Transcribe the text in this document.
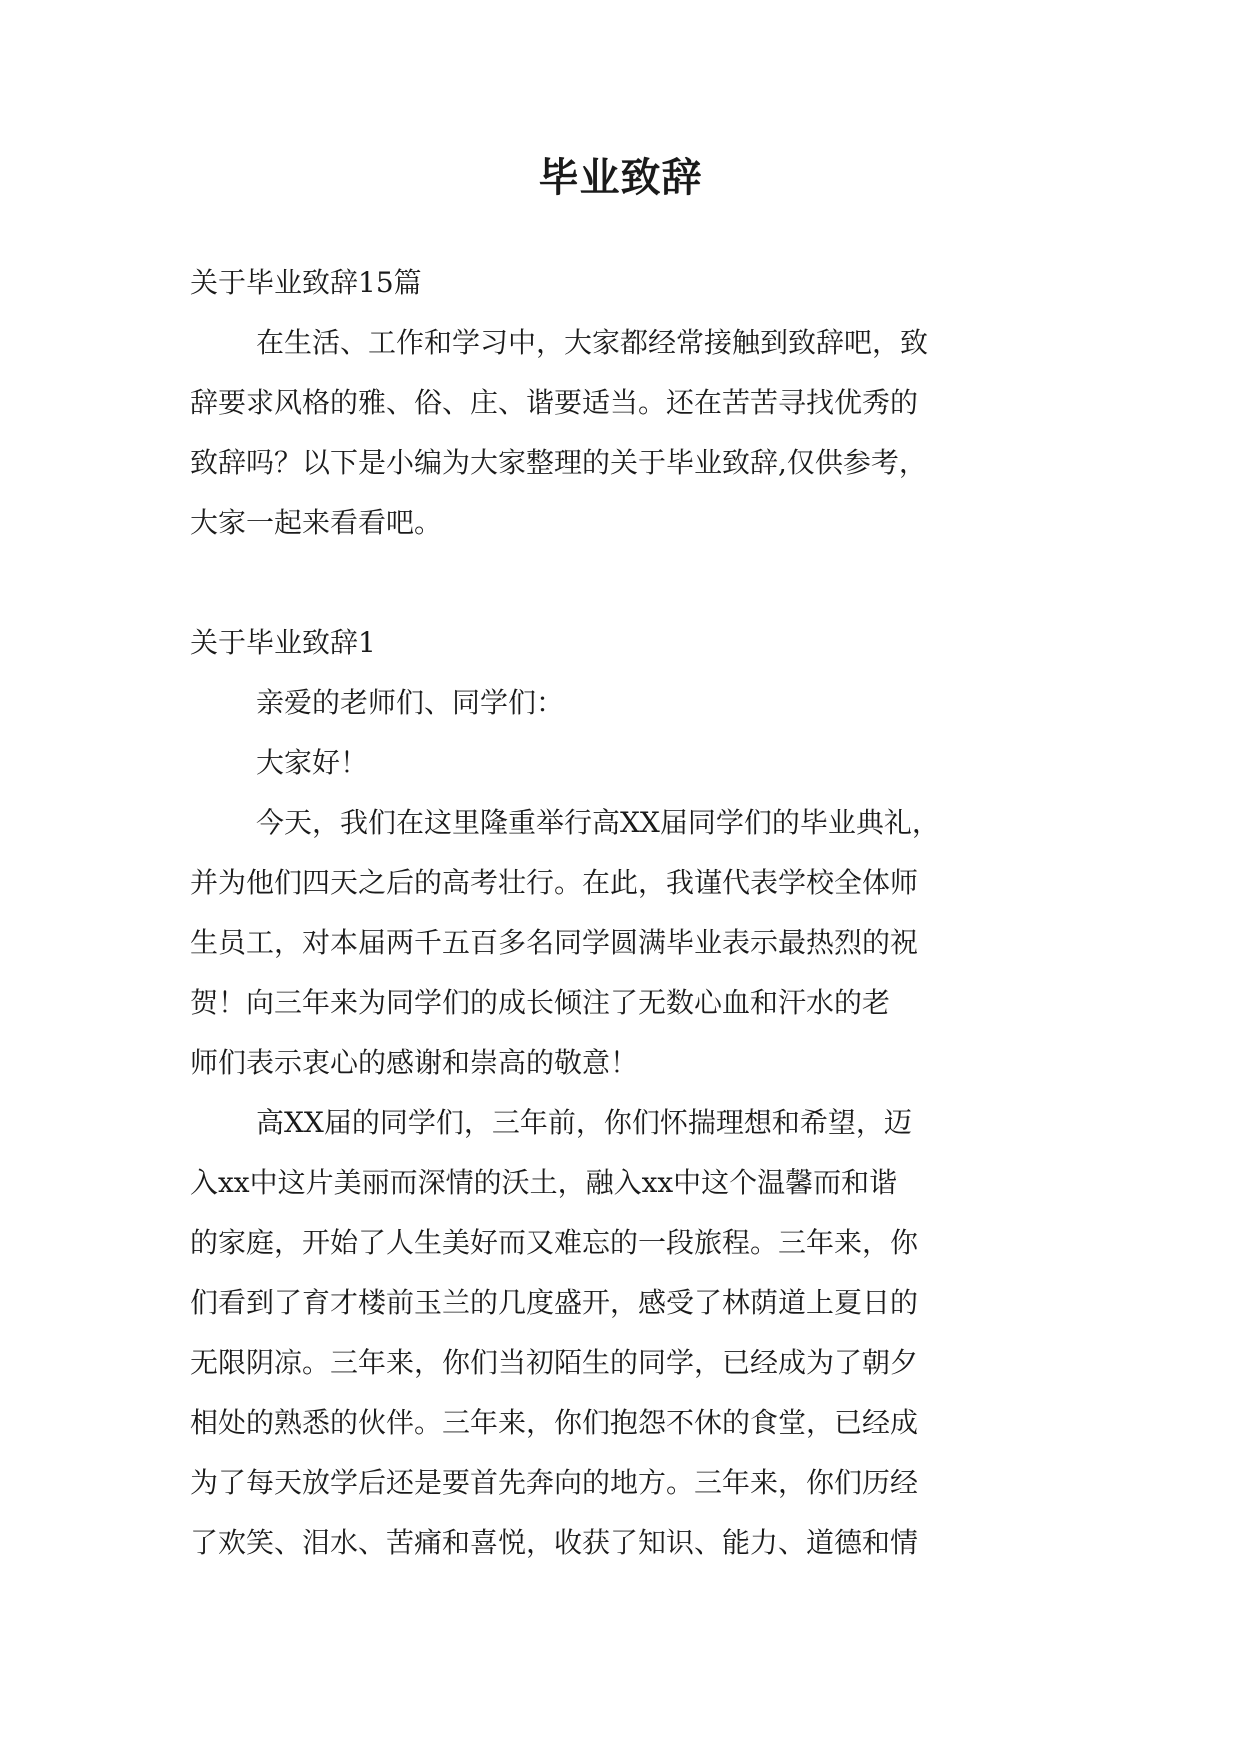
毕业致辞
关于毕业致辞15篇
在生活、工作和学习中，大家都经常接触到致辞吧，致
辞要求风格的雅、俗、庄、谐要适当。还在苦苦寻找优秀的
致辞吗？以下是小编为大家整理的关于毕业致辞,仅供参考，
大家一起来看看吧。
关于毕业致辞1
亲爱的老师们、同学们：
大家好！
今天，我们在这里隆重举行高XX届同学们的毕业典礼，
并为他们四天之后的高考壮行。在此，我谨代表学校全体师
生员工，对本届两千五百多名同学圆满毕业表示最热烈的祝
贺！向三年来为同学们的成长倾注了无数心血和汗水的老
师们表示衷心的感谢和崇高的敬意！
高XX届的同学们，三年前，你们怀揣理想和希望，迈
入xx中这片美丽而深情的沃土，融入xx中这个温馨而和谐
的家庭，开始了人生美好而又难忘的一段旅程。三年来，你
们看到了育才楼前玉兰的几度盛开，感受了林荫道上夏日的
无限阴凉。三年来，你们当初陌生的同学，已经成为了朝夕
相处的熟悉的伙伴。三年来，你们抱怨不休的食堂，已经成
为了每天放学后还是要首先奔向的地方。三年来，你们历经
了欢笑、泪水、苦痛和喜悦，收获了知识、能力、道德和情
